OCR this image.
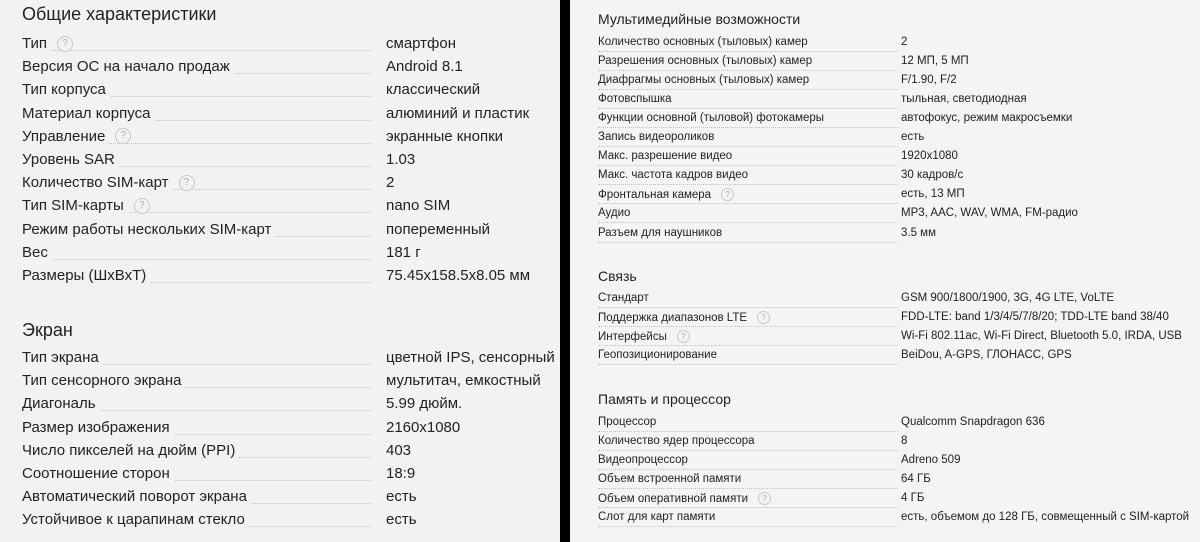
Общие характеристики
Тип	?	смартфон
Версия ОС на начало продаж	Android 8.1
Тип корпуса	классический
Материал корпуса	алюминий и пластик
Управление	?	экранные кнопки
Уровень SAR	1.03
Количество SIM-карт	?	2
Тип SIM-карты	?	nano SIM
Режим работы нескольких SIM-карт	попеременный
Вес	181 г
Размеры (ШхВхТ)	75.45x158.5x8.05 мм
Экран
Тип экрана	цветной IPS, сенсорный
Тип сенсорного экрана	мультитач, емкостный
Диагональ	5.99 дюйм.
Размер изображения	2160x1080
Число пикселей на дюйм (PPI)	403
Соотношение сторон	18:9
Автоматический поворот экрана	есть
Устойчивое к царапинам стекло	есть
Мультимедийные возможности
Количество основных (тыловых) камер	2
Разрешения основных (тыловых) камер	12 МП, 5 МП
Диафрагмы основных (тыловых) камер	F/1.90, F/2
Фотовспышка	тыльная, светодиодная
Функции основной (тыловой) фотокамеры	автофокус, режим макросъемки
Запись видеороликов	есть
Макс. разрешение видео	1920x1080
Макс. частота кадров видео	30 кадров/с
Фронтальная камера	?	есть, 13 МП
Аудио	MP3, AAC, WAV, WMA, FM-радио
Разъем для наушников	3.5 мм
Связь
Стандарт	GSM 900/1800/1900, 3G, 4G LTE, VoLTE
Поддержка диапазонов LTE	?	FDD-LTE: band 1/3/4/5/7/8/20; TDD-LTE band 38/40
Интерфейсы	?	Wi-Fi 802.11ac, Wi-Fi Direct, Bluetooth 5.0, IRDA, USB
Геопозиционирование	BeiDou, A-GPS, ГЛОНАСС, GPS
Память и процессор
Процессор	Qualcomm Snapdragon 636
Количество ядер процессора	8
Видеопроцессор	Adreno 509
Объем встроенной памяти	64 ГБ
Объем оперативной памяти	?	4 ГБ
Слот для карт памяти	есть, объемом до 128 ГБ, совмещенный с SIM-картой
